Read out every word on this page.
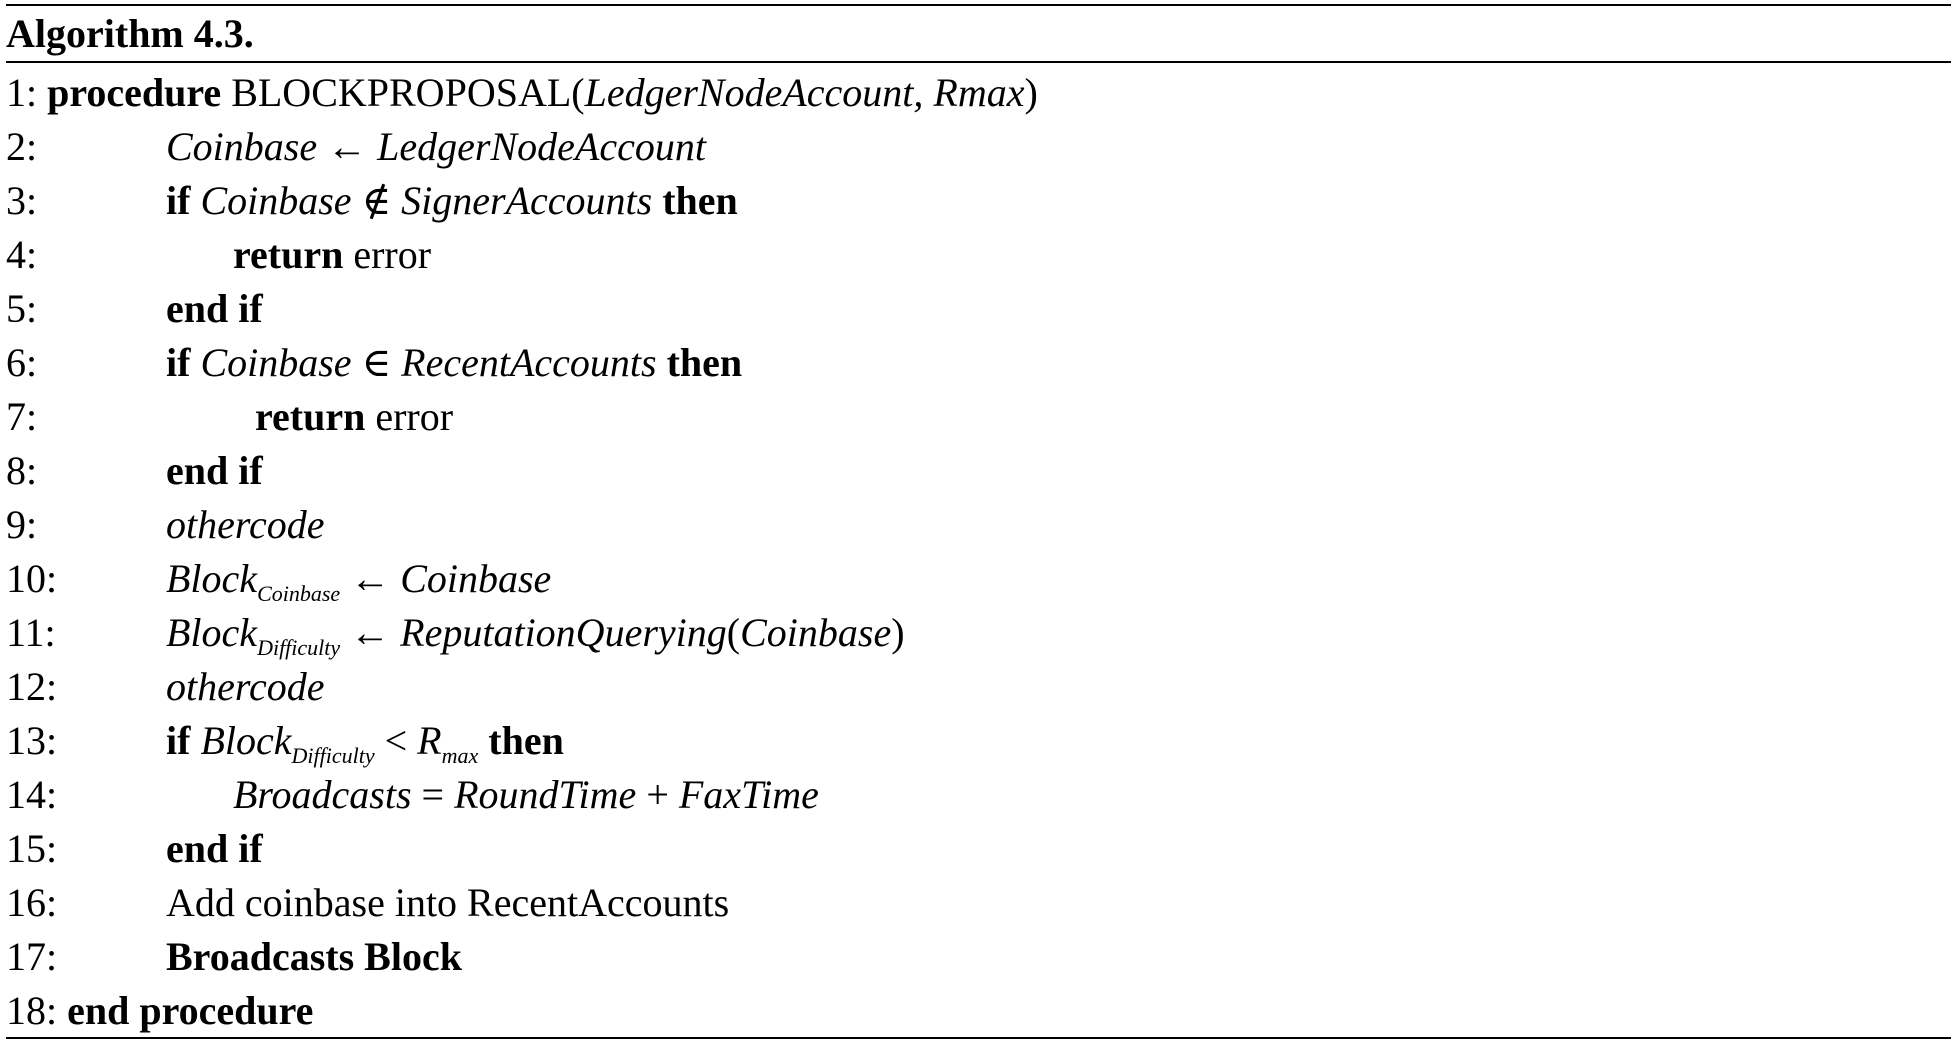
Algorithm 4.3.
1: procedure BLOCKPROPOSAL(LedgerNodeAccount, Rmax)
2:	Coinbase ← LedgerNodeAccount
3:	if Coinbase ∉ SignerAccounts then
4:	return error
5:	end if
6:	if Coinbase ∈ RecentAccounts then
7:	return error
8:	end if
9:	othercode
10:	Block$_{Coinbase}$ ← Coinbase
11:	Block$_{Difficulty}$ ← ReputationQuerying(Coinbase)
12:	othercode
13:	if Block$_{Difficulty}$ < $R_{max}$ then
14:	Broadcasts = RoundTime + FaxTime
15:	end if
16:	Add coinbase into RecentAccounts
17:	Broadcasts Block
18: end procedure
